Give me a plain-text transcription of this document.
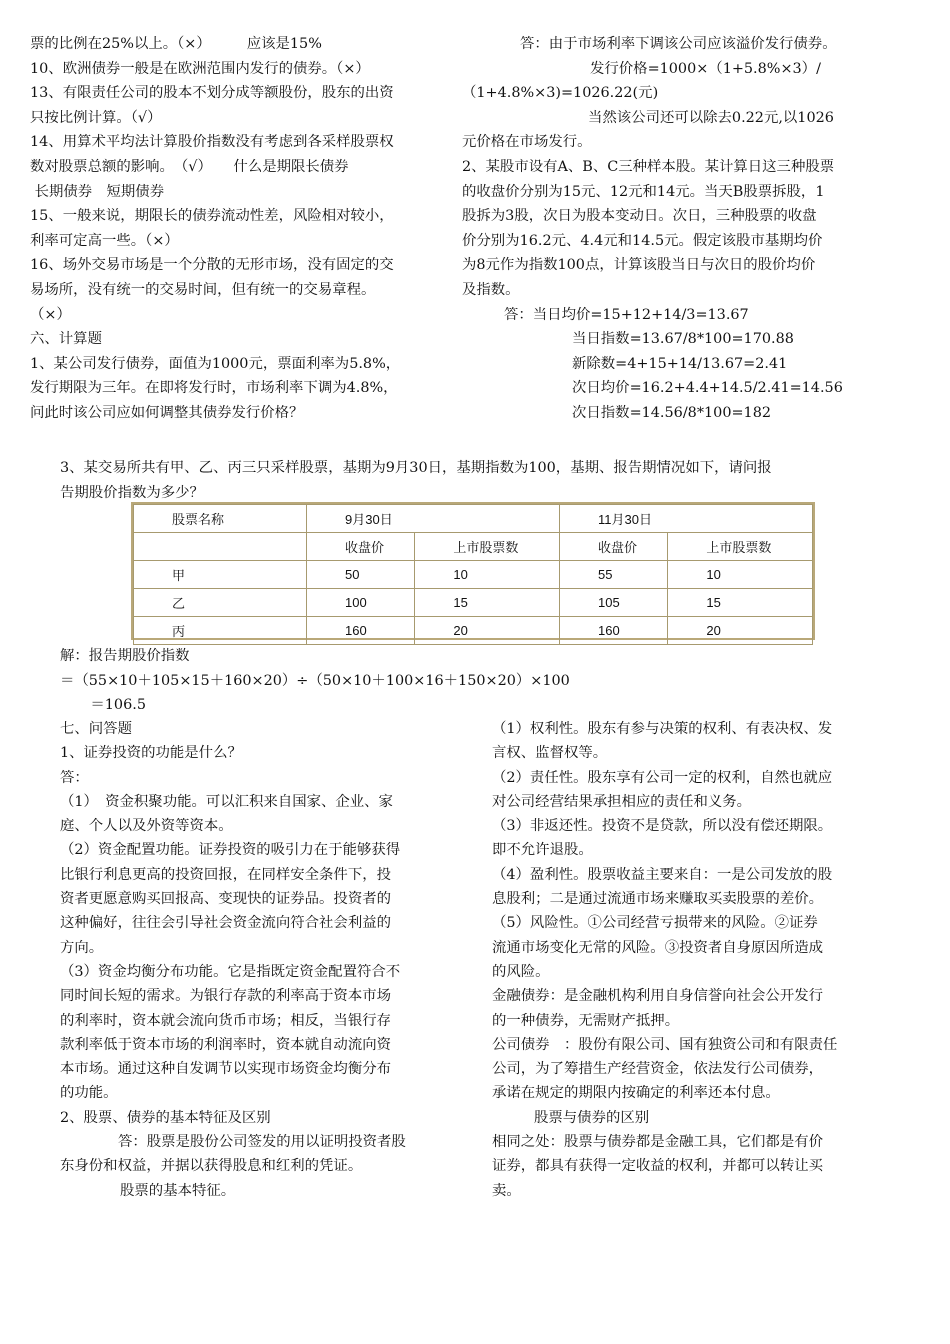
票的比例在25%以上。（×）　　　应该是15%
10、欧洲债券一般是在欧洲范围内发行的债券。（×）
13、有限责任公司的股本不划分成等额股份，股东的出资
只按比例计算。（√）
14、用算术平均法计算股价指数没有考虑到各采样股票权
数对股票总额的影响。　（√）　　什么是期限长债券
长期债券　短期债券
15、一般来说，期限长的债券流动性差，风险相对较小，
利率可定高一些。（×）
16、场外交易市场是一个分散的无形市场，没有固定的交
易场所，没有统一的交易时间，但有统一的交易章程。
（×）
六、计算题
1、某公司发行债券，面值为1000元，票面利率为5.8%，
发行期限为三年。在即将发行时，市场利率下调为4.8%，
问此时该公司应如何调整其债券发行价格？
答：由于市场利率下调该公司应该溢价发行债券。
发行价格=1000×（1+5.8%×3）/
（1+4.8%×3)=1026.22(元)
当然该公司还可以除去0.22元,以1026
元价格在市场发行。
2、某股市设有A、B、C三种样本股。某计算日这三种股票
的收盘价分别为15元、12元和14元。当天B股票拆股，1
股拆为3股，次日为股本变动日。次日，三种股票的收盘
价分别为16.2元、4.4元和14.5元。假定该股市基期均价
为8元作为指数100点，计算该股当日与次日的股价均价
及指数。
答：当日均价=15+12+14/3=13.67
当日指数=13.67/8*100=170.88
新除数=4+15+14/13.67=2.41
次日均价=16.2+4.4+14.5/2.41=14.56
次日指数=14.56/8*100=182
3、某交易所共有甲、乙、丙三只采样股票，基期为9月30日，基期指数为100，基期、报告期情况如下，请问报
告期股价指数为多少？
股票名称	9月30日		11月30日	
	收盘价	上市股票数	收盘价	上市股票数
甲	50	10	55	10
乙	100	15	105	15
丙	160	20	160	20
解：报告期股价指数
＝（55×10＋105×15＋160×20）÷（50×10＋100×16＋150×20）×100
　＝106.5
七、问答题
1、证券投资的功能是什么？
答：
（1）　资金积聚功能。可以汇积来自国家、企业、家
庭、个人以及外资等资本。
（2）资金配置功能。证券投资的吸引力在于能够获得
比银行利息更高的投资回报，在同样安全条件下，投
资者更愿意购买回报高、变现快的证券品。投资者的
这种偏好，往往会引导社会资金流向符合社会利益的
方向。
（3）资金均衡分布功能。它是指既定资金配置符合不
同时间长短的需求。为银行存款的利率高于资本市场
的利率时，资本就会流向货币市场；相反，当银行存
款利率低于资本市场的利润率时，资本就自动流向资
本市场。通过这种自发调节以实现市场资金均衡分布
的功能。
2、股票、债券的基本特征及区别
答：股票是股份公司签发的用以证明投资者股
东身份和权益，并据以获得股息和红利的凭证。
股票的基本特征。
（1）权利性。股东有参与决策的权利、有表决权、发
言权、监督权等。
（2）责任性。股东享有公司一定的权利，自然也就应
对公司经营结果承担相应的责任和义务。
（3）非返还性。投资不是贷款，所以没有偿还期限。
即不允许退股。
（4）盈利性。股票收益主要来自：一是公司发放的股
息股利；二是通过流通市场来赚取买卖股票的差价。
（5）风险性。①公司经营亏损带来的风险。②证券
流通市场变化无常的风险。③投资者自身原因所造成
的风险。
金融债券：是金融机构利用自身信誉向社会公开发行
的一种债券，无需财产抵押。
公司债券　：股份有限公司、国有独资公司和有限责任
公司，为了筹措生产经营资金，依法发行公司债券，
承诺在规定的期限内按确定的利率还本付息。
股票与债券的区别
相同之处：股票与债券都是金融工具，它们都是有价
证券，都具有获得一定收益的权利，并都可以转让买
卖。
